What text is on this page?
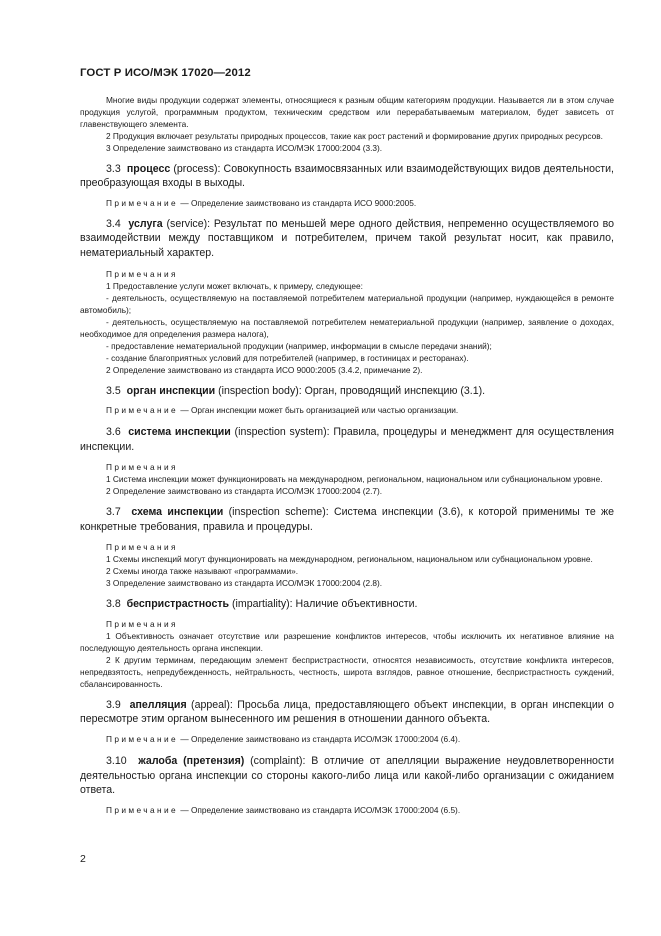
ГОСТ Р ИСО/МЭК 17020—2012
Многие виды продукции содержат элементы, относящиеся к разным общим категориям продукции. Называется ли в этом случае продукция услугой, программным продуктом, техническим средством или перерабатываемым материалом, будет зависеть от главенствующего элемента.
2 Продукция включает результаты природных процессов, такие как рост растений и формирование других природных ресурсов.
3 Определение заимствовано из стандарта ИСО/МЭК 17000:2004 (3.3).
3.3 процесс (process): Совокупность взаимосвязанных или взаимодействующих видов деятельности, преобразующая входы в выходы.
Примечание — Определение заимствовано из стандарта ИСО 9000:2005.
3.4 услуга (service): Результат по меньшей мере одного действия, непременно осуществляемого во взаимодействии между поставщиком и потребителем, причем такой результат носит, как правило, нематериальный характер.
Примечания
1 Предоставление услуги может включать, к примеру, следующее:
- деятельность, осуществляемую на поставляемой потребителем материальной продукции (например, нуждающейся в ремонте автомобиль);
- деятельность, осуществляемую на поставляемой потребителем нематериальной продукции (например, заявление о доходах, необходимое для определения размера налога),
- предоставление нематериальной продукции (например, информации в смысле передачи знаний);
- создание благоприятных условий для потребителей (например, в гостиницах и ресторанах).
2 Определение заимствовано из стандарта ИСО 9000:2005 (3.4.2, примечание 2).
3.5 орган инспекции (inspection body): Орган, проводящий инспекцию (3.1).
Примечание — Орган инспекции может быть организацией или частью организации.
3.6 система инспекции (inspection system): Правила, процедуры и менеджмент для осуществления инспекции.
Примечания
1 Система инспекции может функционировать на международном, региональном, национальном или субнациональном уровне.
2 Определение заимствовано из стандарта ИСО/МЭК 17000:2004 (2.7).
3.7 схема инспекции (inspection scheme): Система инспекции (3.6), к которой применимы те же конкретные требования, правила и процедуры.
Примечания
1 Схемы инспекций могут функционировать на международном, региональном, национальном или субнациональном уровне.
2 Схемы иногда также называют «программами».
3 Определение заимствовано из стандарта ИСО/МЭК 17000:2004 (2.8).
3.8 беспристрастность (impartiality): Наличие объективности.
Примечания
1 Объективность означает отсутствие или разрешение конфликтов интересов, чтобы исключить их негативное влияние на последующую деятельность органа инспекции.
2 К другим терминам, передающим элемент беспристрастности, относятся независимость, отсутствие конфликта интересов, непредвзятость, непредубежденность, нейтральность, честность, широта взглядов, равное отношение, беспристрастность суждений, сбалансированность.
3.9 апелляция (appeal): Просьба лица, предоставляющего объект инспекции, в орган инспекции о пересмотре этим органом вынесенного им решения в отношении данного объекта.
Примечание — Определение заимствовано из стандарта ИСО/МЭК 17000:2004 (6.4).
3.10 жалоба (претензия) (complaint): В отличие от апелляции выражение неудовлетворенности деятельностью органа инспекции со стороны какого-либо лица или какой-либо организации с ожиданием ответа.
Примечание — Определение заимствовано из стандарта ИСО/МЭК 17000:2004 (6.5).
2
